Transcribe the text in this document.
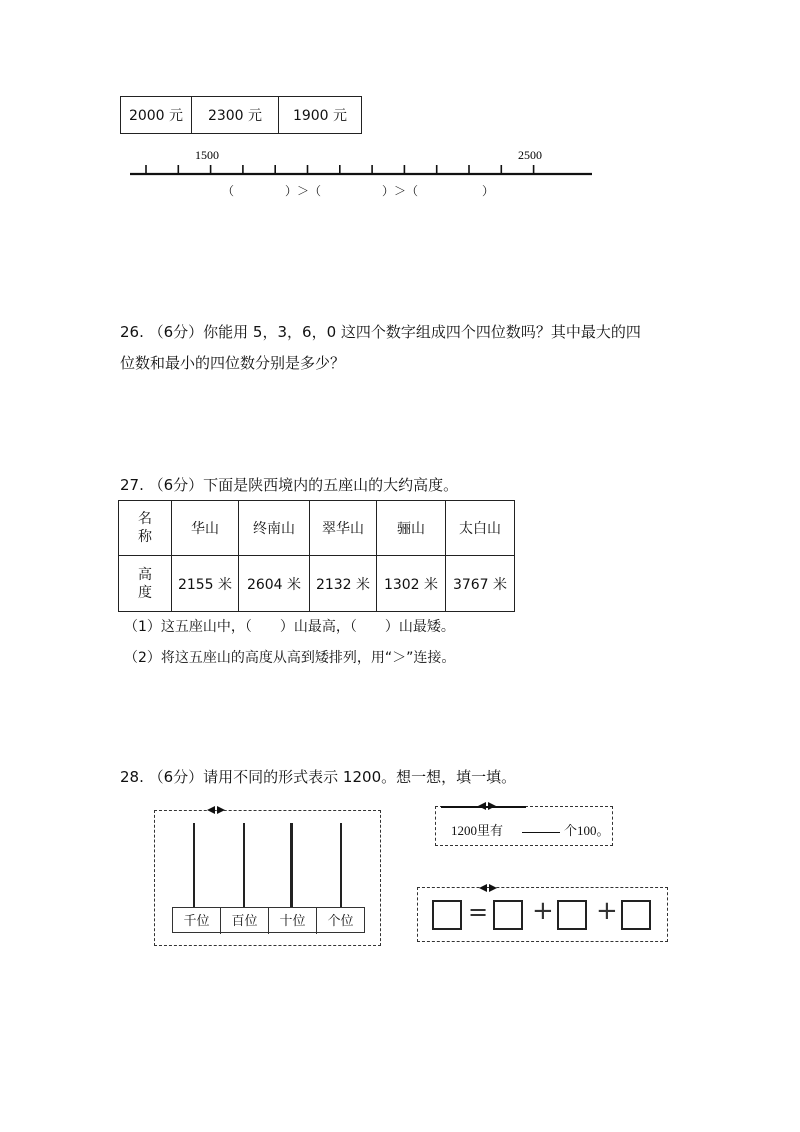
2000 元	2300 元	1900 元
1500	2500
（	）＞（	）＞（	）
26. （6分）你能用 5，3，6，0 这四个数字组成四个四位数吗？其中最大的四
位数和最小的四位数分别是多少？
27. （6分）下面是陕西境内的五座山的大约高度。
名
称	华山	终南山	翠华山	骊山	太白山
高
度	2155 米	2604 米	2132 米	1302 米	3767 米
（1）这五座山中，（　　）山最高，（　　）山最矮。
（2）将这五座山的高度从高到矮排列，用“＞”连接。
28. （6分）请用不同的形式表示 1200。想一想，填一填。
千位	百位	十位	个位
1200里有	个100。
= + +
